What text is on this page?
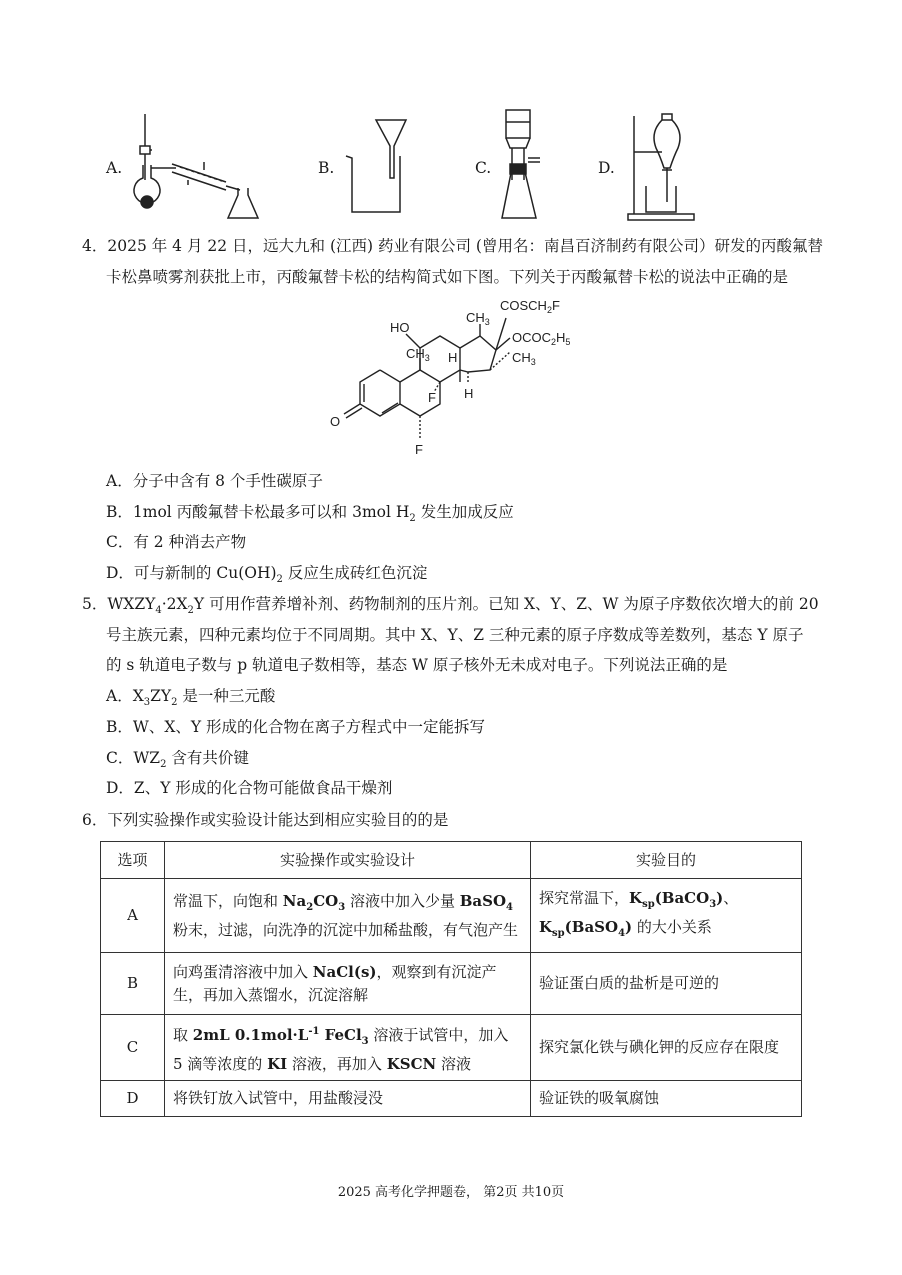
A.	B.	C.	D.
4．2025 年 4 月 22 日，远大九和 (江西) 药业有限公司 (曾用名：南昌百济制药有限公司）研发的丙酸氟替
卡松鼻喷雾剂获批上市，丙酸氟替卡松的结构简式如下图。下列关于丙酸氟替卡松的说法中正确的是
$COSCH_2F$
$OCOC_2H_5$
$CH_3$
$CH_3$
$CH_3$
HO
H
H
F
F
O
A．分子中含有 8 个手性碳原子
B．1mol 丙酸氟替卡松最多可以和 3mol $H_2$ 发生加成反应
C．有 2 种消去产物
D．可与新制的 $Cu(OH)_2$ 反应生成砖红色沉淀
5．$WXZY_4\cdot 2X_2Y$ 可用作营养增补剂、药物制剂的压片剂。已知 X、Y、Z、W 为原子序数依次增大的前 20
号主族元素，四种元素均位于不同周期。其中 X、Y、Z 三种元素的原子序数成等差数列，基态 Y 原子
的 s 轨道电子数与 p 轨道电子数相等，基态 W 原子核外无未成对电子。下列说法正确的是
A．$X_3ZY_2$ 是一种三元酸
B．W、X、Y 形成的化合物在离子方程式中一定能拆写
C．$WZ_2$ 含有共价键
D．Z、Y 形成的化合物可能做食品干燥剂
6．下列实验操作或实验设计能达到相应实验目的的是
选项	实验操作或实验设计	实验目的
A	常温下，向饱和 $Na_2CO_3$ 溶液中加入少量 BaSO$_4$ 粉末，过滤，向洗净的沉淀中加稀盐酸，有气泡产生	探究常温下，$K_{sp}(BaCO_3)$、
$K_{sp}(BaSO_4)$ 的大小关系
B	向鸡蛋清溶液中加入 NaCl(s)，观察到有沉淀产生，再加入蒸馏水，沉淀溶解	验证蛋白质的盐析是可逆的
C	取 2mL $0.1mol\cdot L^{-1}$ FeCl$_3$ 溶液于试管中，加入 5 滴等浓度的 KI 溶液，再加入 KSCN 溶液	探究氯化铁与碘化钾的反应存在限度
D	将铁钉放入试管中，用盐酸浸没	验证铁的吸氧腐蚀
2025 高考化学押题卷， 第2页 共10页
